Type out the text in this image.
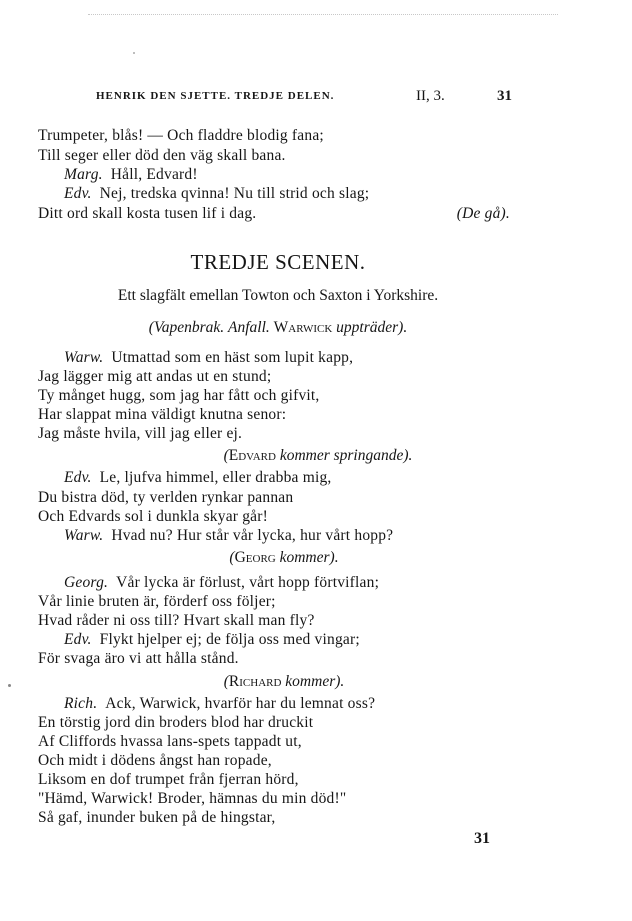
HENRIK DEN SJETTE. TREDJE DELEN.	II, 3.	31
Trumpeter, blås! — Och fladdre blodig fana;
Till seger eller död den väg skall bana.
Marg. Håll, Edvard!
Edv. Nej, tredska qvinna! Nu till strid och slag;
Ditt ord skall kosta tusen lif i dag.	(De gå).
TREDJE SCENEN.
Ett slagfält emellan Towton och Saxton i Yorkshire.
(Vapenbrak. Anfall. Warwick uppträder).
Warw. Utmattad som en häst som lupit kapp,
Jag lägger mig att andas ut en stund;
Ty månget hugg, som jag har fått och gifvit,
Har slappat mina väldigt knutna senor:
Jag måste hvila, vill jag eller ej.
(Edvard kommer springande).
Edv. Le, ljufva himmel, eller drabba mig,
Du bistra död, ty verlden rynkar pannan
Och Edvards sol i dunkla skyar går!
Warw. Hvad nu? Hur står vår lycka, hur vårt hopp?
(Georg kommer).
Georg. Vår lycka är förlust, vårt hopp förtviflan;
Vår linie bruten är, förderf oss följer;
Hvad råder ni oss till? Hvart skall man fly?
Edv. Flykt hjelper ej; de följa oss med vingar;
För svaga äro vi att hålla stånd.
(Richard kommer).
Rich. Ack, Warwick, hvarför har du lemnat oss?
En törstig jord din broders blod har druckit
Af Cliffords hvassa lans-spets tappadt ut,
Och midt i dödens ångst han ropade,
Liksom en dof trumpet från fjerran hörd,
"Hämd, Warwick! Broder, hämnas du min död!"
Så gaf, inunder buken på de hingstar,
31
